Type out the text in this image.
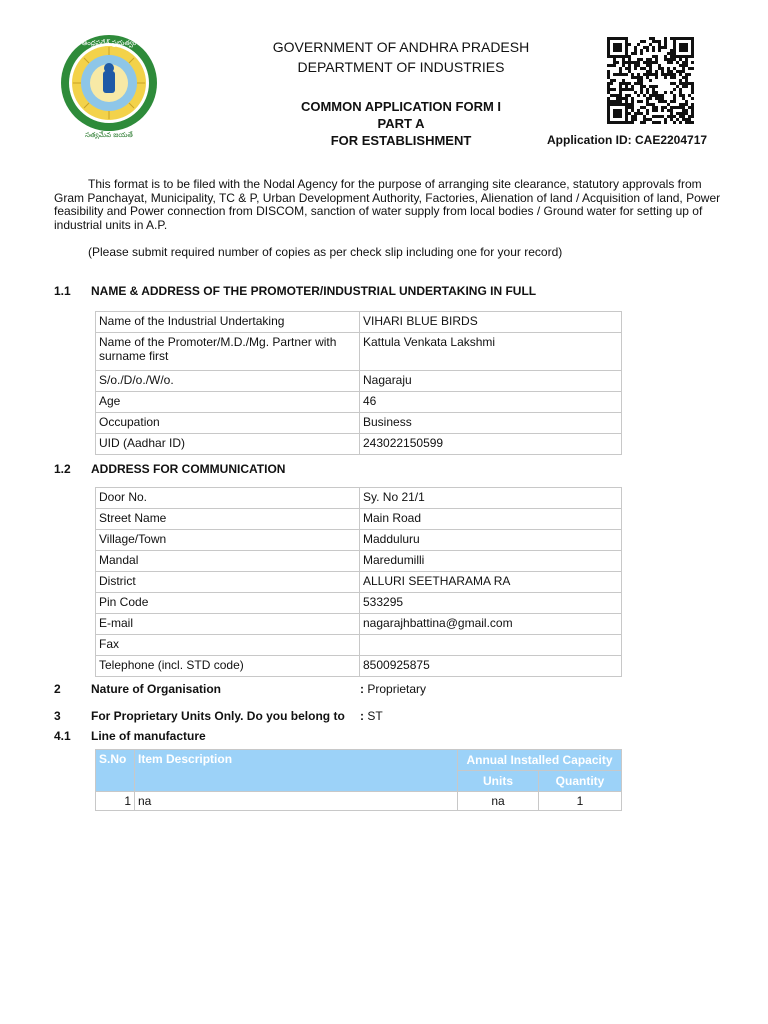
ఆంధ్రప్రదేశ్ ప్రభుత్వం
సత్యమేవ జయతే
GOVERNMENT OF ANDHRA PRADESH
DEPARTMENT OF INDUSTRIES
COMMON APPLICATION FORM I
PART A
FOR ESTABLISHMENT	Application ID: CAE2204717
This format is to be filed with the Nodal Agency for the purpose of arranging site clearance, statutory approvals from Gram Panchayat, Municipality, TC & P, Urban Development Authority, Factories, Alienation of land / Acquisition of land, Power feasibility and Power connection from DISCOM, sanction of water supply from local bodies / Ground water for setting up of industrial units in A.P.
(Please submit required number of copies as per check slip including one for your record)
1.1 NAME & ADDRESS OF THE PROMOTER/INDUSTRIAL UNDERTAKING IN FULL
Name of the Industrial Undertaking	VIHARI BLUE BIRDS
Name of the Promoter/M.D./Mg. Partner with surname first	Kattula Venkata Lakshmi
S/o./D/o./W/o.	Nagaraju
Age	46
Occupation	Business
UID (Aadhar ID)	243022150599
1.2 ADDRESS FOR COMMUNICATION
Door No.	Sy. No 21/1
Street Name	Main Road
Village/Town	Madduluru
Mandal	Maredumilli
District	ALLURI SEETHARAMA RA
Pin Code	533295
E-mail	nagarajhbattina@gmail.com
Fax	
Telephone (incl. STD code)	8500925875
2	Nature of Organisation	: Proprietary
3	For Proprietary Units Only. Do you belong to : ST
4.1 Line of manufacture
S.No	Item Description	Annual Installed Capacity	
		Units	Quantity
1	na	na	1
